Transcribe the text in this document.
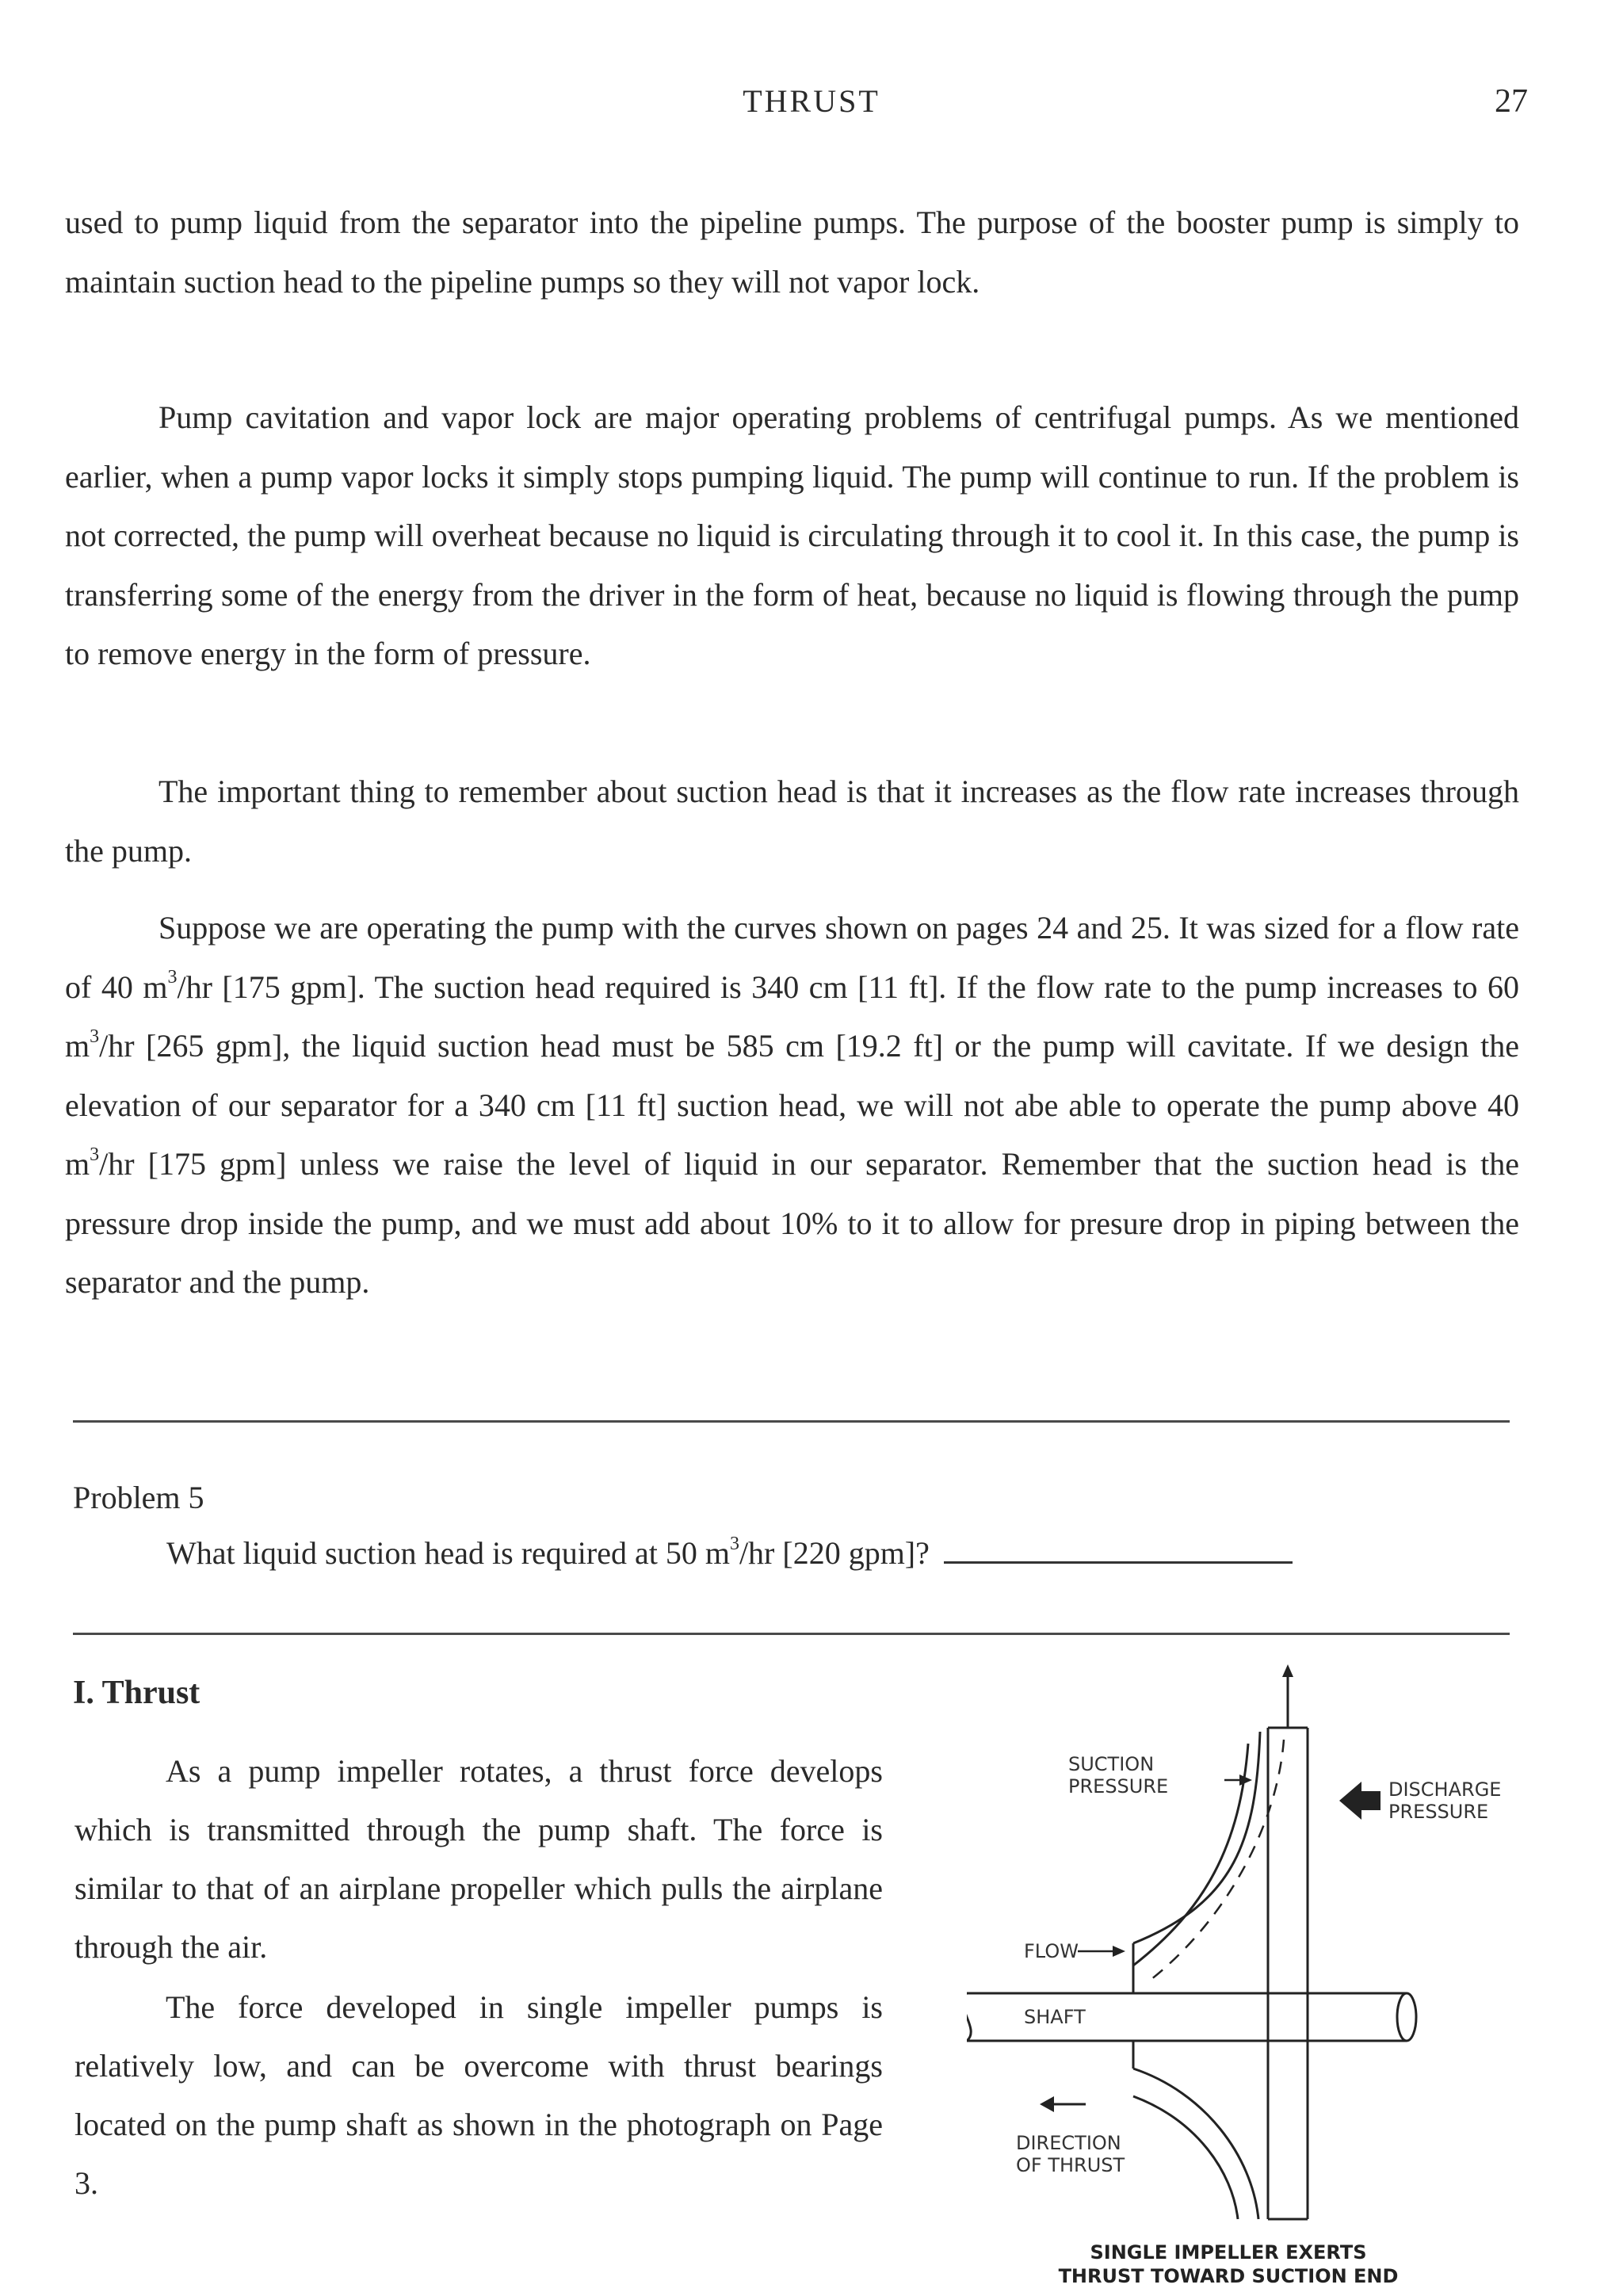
THRUST	27
used to pump liquid from the separator into the pipeline pumps. The purpose of the booster pump is simply to maintain suction head to the pipeline pumps so they will not vapor lock.
Pump cavitation and vapor lock are major operating problems of centrifugal pumps. As we mentioned earlier, when a pump vapor locks it simply stops pumping liquid. The pump will continue to run. If the problem is not corrected, the pump will overheat because no liquid is circulating through it to cool it. In this case, the pump is transferring some of the energy from the driver in the form of heat, because no liquid is flowing through the pump to remove energy in the form of pressure.
The important thing to remember about suction head is that it increases as the flow rate increases through the pump.
Suppose we are operating the pump with the curves shown on pages 24 and 25. It was sized for a flow rate of 40 $m^3/hr$ [175 gpm]. The suction head required is 340 cm [11 ft]. If the flow rate to the pump increases to 60 $m^3/hr$ [265 gpm], the liquid suction head must be 585 cm [19.2 ft] or the pump will cavitate. If we design the elevation of our separator for a 340 cm [11 ft] suction head, we will not abe able to operate the pump above 40 $m^3/hr$ [175 gpm] unless we raise the level of liquid in our separator. Remember that the suction head is the pressure drop inside the pump, and we must add about 10% to it to allow for presure drop in piping between the separator and the pump.
Problem 5
What liquid suction head is required at 50 $m^3/hr$ [220 gpm]?
I. Thrust
As a pump impeller rotates, a thrust force develops which is transmitted through the pump shaft. The force is similar to that of an airplane propeller which pulls the airplane through the air.
The force developed in single impeller pumps is relatively low, and can be overcome with thrust bearings located on the pump shaft as shown in the photograph on Page 3.
SUCTION
PRESSURE	DISCHARGE
PRESSURE
FLOW
SHAFT
DIRECTION
OF THRUST
SINGLE IMPELLER EXERTS
THRUST TOWARD SUCTION END
